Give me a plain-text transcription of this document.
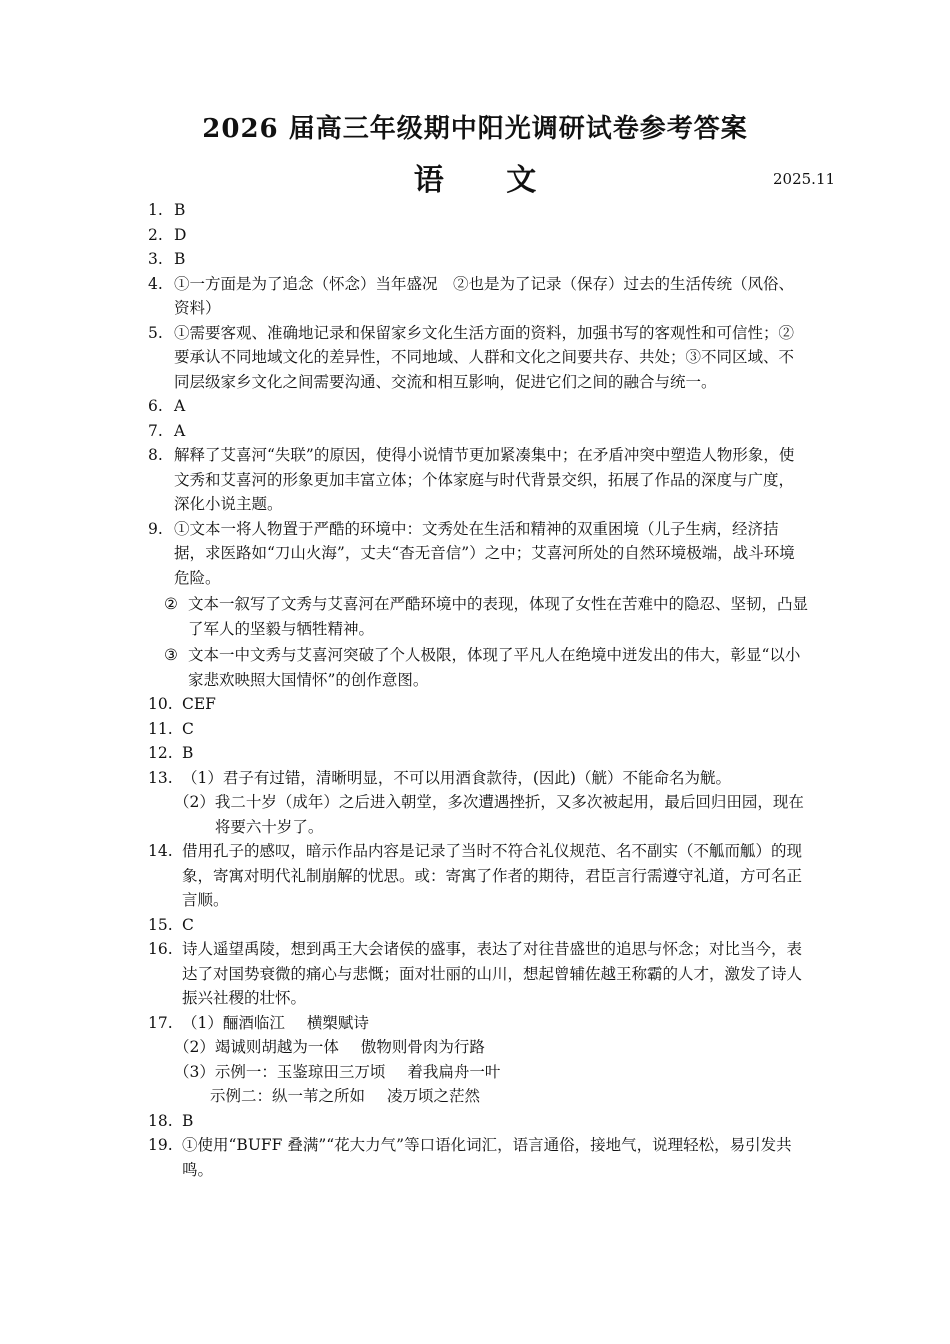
2026 届高三年级期中阳光调研试卷参考答案
语 文	2025.11
1. B
2. D
3. B
4. ①一方面是为了追念（怀念）当年盛况　②也是为了记录（保存）过去的生活传统（风俗、资料）
5. ①需要客观、准确地记录和保留家乡文化生活方面的资料，加强书写的客观性和可信性；②要承认不同地域文化的差异性，不同地域、人群和文化之间要共存、共处；③不同区域、不同层级家乡文化之间需要沟通、交流和相互影响，促进它们之间的融合与统一。
6. A
7. A
8. 解释了艾喜河“失联”的原因，使得小说情节更加紧凑集中；在矛盾冲突中塑造人物形象，使文秀和艾喜河的形象更加丰富立体；个体家庭与时代背景交织，拓展了作品的深度与广度，深化小说主题。
9. ①文本一将人物置于严酷的环境中：文秀处在生活和精神的双重困境（儿子生病，经济拮据，求医路如“刀山火海”，丈夫“杳无音信”）之中；艾喜河所处的自然环境极端，战斗环境危险。
② 文本一叙写了文秀与艾喜河在严酷环境中的表现，体现了女性在苦难中的隐忍、坚韧，凸显了军人的坚毅与牺牲精神。
③ 文本一中文秀与艾喜河突破了个人极限，体现了平凡人在绝境中迸发出的伟大，彰显“以小家悲欢映照大国情怀”的创作意图。
10. CEF
11. C
12. B
13. （1）君子有过错，清晰明显，不可以用酒食款待，(因此)（觥）不能命名为觥。
（2） 我二十岁（成年）之后进入朝堂，多次遭遇挫折，又多次被起用，最后回归田园，现在将要六十岁了。
14. 借用孔子的感叹，暗示作品内容是记录了当时不符合礼仪规范、名不副实（不觚而觚）的现象，寄寓对明代礼制崩解的忧思。或：寄寓了作者的期待，君臣言行需遵守礼道，方可名正言顺。
15. C
16. 诗人遥望禹陵，想到禹王大会诸侯的盛事，表达了对往昔盛世的追思与怀念；对比当今，表达了对国势衰微的痛心与悲慨；面对壮丽的山川，想起曾辅佐越王称霸的人才，激发了诗人振兴社稷的壮怀。
17. （1）酾酒临江 横槊赋诗
（2） 竭诚则胡越为一体 傲物则骨肉为行路
（3） 示例一： 玉鉴琼田三万顷 着我扁舟一叶
示例二：纵一苇之所如 凌万顷之茫然
18. B
19. ①使用“BUFF 叠满”“花大力气”等口语化词汇，语言通俗，接地气，说理轻松，易引发共鸣。
